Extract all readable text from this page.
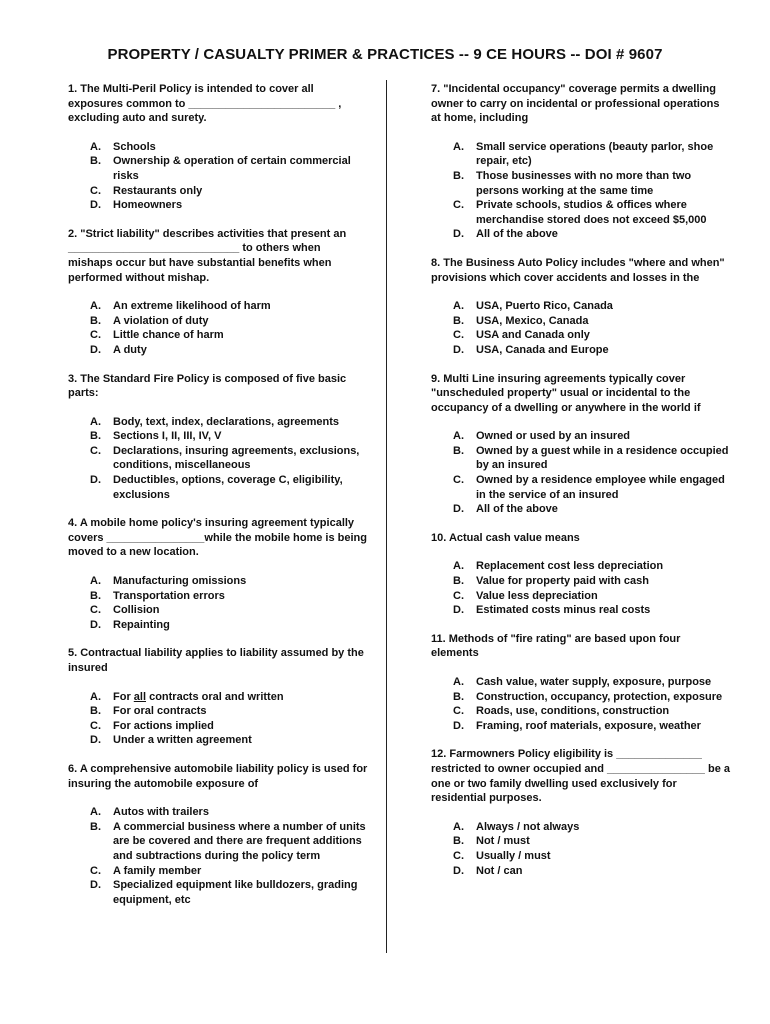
PROPERTY / CASUALTY PRIMER & PRACTICES -- 9 CE HOURS -- DOI # 9607

1. The Multi-Peril Policy is intended to cover all exposures common to ________________________ , excluding auto and surety.

A.	Schools
B.	Ownership & operation of certain commercial risks
C.	Restaurants only
D.	Homeowners

2. "Strict liability" describes activities that present an ____________________________ to others when mishaps occur but have substantial benefits when performed without mishap.

A.	An extreme likelihood of harm
B.	A violation of duty
C.	Little chance of harm
D.	A duty

3. The Standard Fire Policy is composed of five basic parts:

A.	Body, text, index, declarations, agreements
B.	Sections I, II, III, IV, V
C.	Declarations, insuring agreements, exclusions, conditions, miscellaneous
D.	Deductibles, options, coverage C, eligibility, exclusions

4. A mobile home policy's insuring agreement typically covers ________________while the mobile home is being moved to a new location.

A.	Manufacturing omissions
B.	Transportation errors
C.	Collision
D.	Repainting

5. Contractual liability applies to liability assumed by the insured

A.	For all contracts oral and written
B.	For oral contracts
C.	For actions implied
D.	Under a written agreement

6. A comprehensive automobile liability policy is used for insuring the automobile exposure of

A.	Autos with trailers
B.	A commercial business where a number of units are be covered and there are frequent additions and subtractions during the policy term
C.	A family member
D.	Specialized equipment like bulldozers, grading equipment, etc

7. "Incidental occupancy" coverage permits a dwelling owner to carry on incidental or professional operations at home, including

A.	Small service operations (beauty parlor, shoe repair, etc)
B.	Those businesses with no more than two persons working at the same time
C.	Private schools, studios & offices where merchandise stored does not exceed $5,000
D.	All of the above

8. The Business Auto Policy includes "where and when" provisions which cover accidents and losses in the

A.	USA, Puerto Rico, Canada
B.	USA, Mexico, Canada
C.	USA and Canada only
D.	USA, Canada and Europe

9. Multi Line insuring agreements typically cover "unscheduled property" usual or incidental to the occupancy of a dwelling or anywhere in the world if

A.	Owned or used by an insured
B.	Owned by a guest while in a residence occupied by an insured
C.	Owned by a residence employee while engaged in the service of an insured
D.	All of the above

10. Actual cash value means

A.	Replacement cost less depreciation
B.	Value for property paid with cash
C.	Value less depreciation
D.	Estimated costs minus real costs

11. Methods of "fire rating" are based upon four elements

A.	Cash value, water supply, exposure, purpose
B.	Construction, occupancy, protection, exposure
C.	Roads, use, conditions, construction
D.	Framing, roof materials, exposure, weather

12. Farmowners Policy eligibility is ______________ restricted to owner occupied and ________________ be a one or two family dwelling used exclusively for residential purposes.

A.	Always / not always
B.	Not / must
C.	Usually / must
D.	Not / can
